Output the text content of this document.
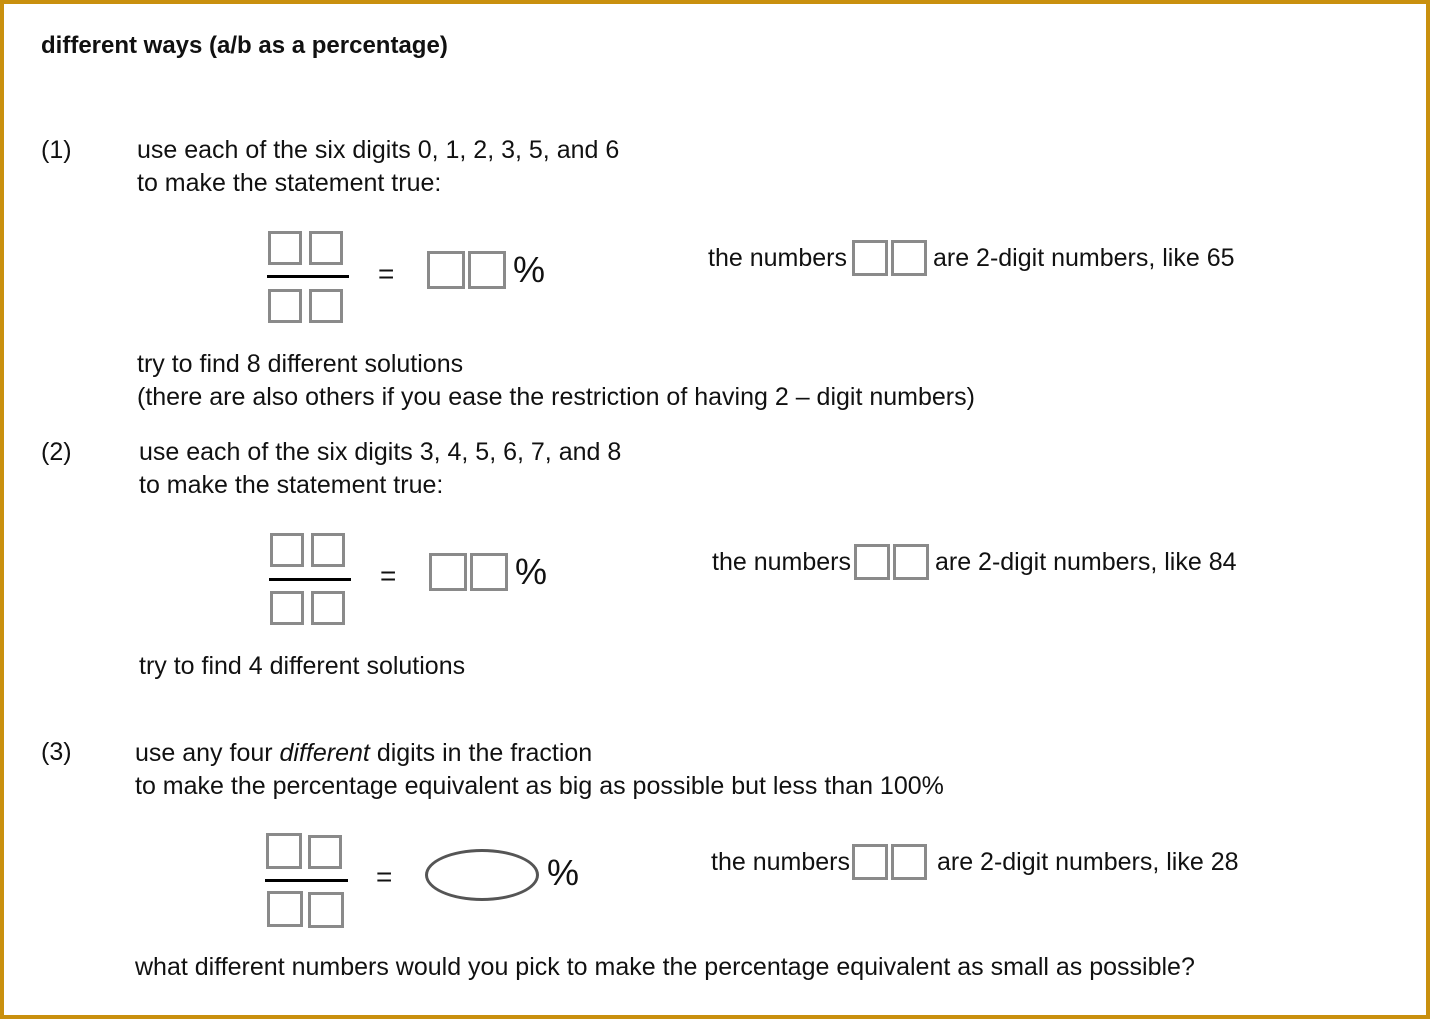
different ways (a/b as a percentage)
(1)	use each of the six digits 0, 1, 2, 3, 5, and 6
to make the statement true:
=	%	the numbers	are 2-digit numbers, like 65
try to find 8 different solutions
(there are also others if you ease the restriction of having 2 – digit numbers)
(2)	use each of the six digits 3, 4, 5, 6, 7, and 8
to make the statement true:
=	%	the numbers	are 2-digit numbers, like 84
try to find 4 different solutions
(3)	use any four different digits in the fraction
to make the percentage equivalent as big as possible but less than 100%
=	%	the numbers	are 2-digit numbers, like 28
what different numbers would you pick to make the percentage equivalent as small as possible?
